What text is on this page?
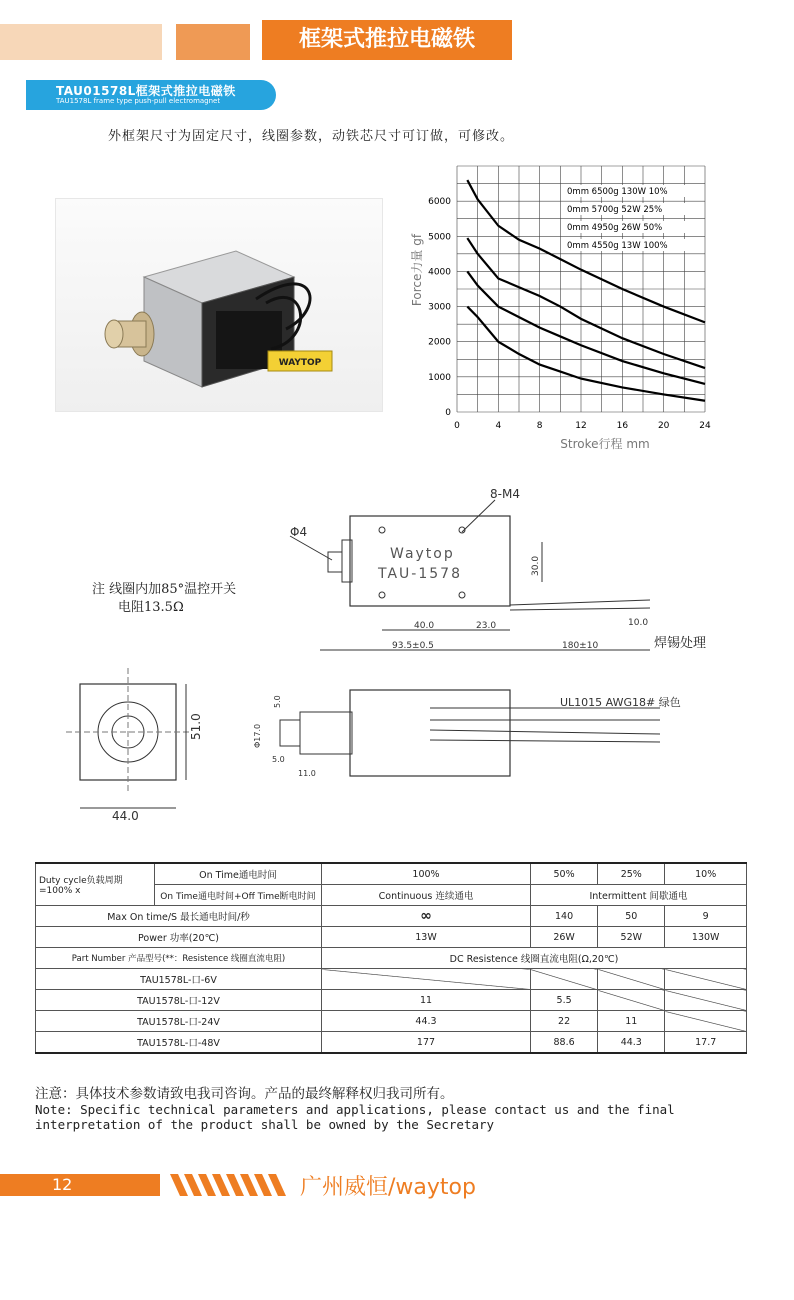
框架式推拉电磁铁
TAU01578L框架式推拉电磁铁
TAU1578L frame type push-pull electromagnet
外框架尺寸为固定尺寸，线圈参数，动铁芯尺寸可订做，可修改。
WAYTOP
0	4	8	12	16	20	24
0
1000
2000
3000
4000
5000
6000
0mm 6500g 130W 10%
0mm 5700g 52W 25%
0mm 4950g 26W 50%
0mm 4550g 13W 100%
Force力量 gf
Stroke行程 mm
Φ4
8-M4
Waytop
TAU-1578	30.0
40.0	23.0	10.0
93.5±0.5	180±10
注 线圈内加85°温控开关
电阻13.5Ω
焊锡处理
51.0
44.0
UL1015 AWG18# 绿色
5.0
Φ17.0
5.0
11.0
Duty cycle负载周期=100% x	On Time通电时间	100%	50%	25%	10%
	On Time通电时间+Off Time断电时间	Continuous 连续通电	Intermittent 间歇通电		
Max On time/S 最长通电时间/秒		∞	140	50	9
Power 功率(20℃)		13W	26W	52W	130W
Part Number 产品型号(**：Resistence 线圈直流电阻)		DC Resistence 线圈直流电阻(Ω,20℃)			
TAU1578L-口-6V					
TAU1578L-口-12V		11	5.5		
TAU1578L-口-24V		44.3	22	11	
TAU1578L-口-48V		177	88.6	44.3	17.7
注意：具体技术参数请致电我司咨询。产品的最终解释权归我司所有。
Note: Specific technical parameters and applications, please contact us and the final interpretation of the product shall be owned by the Secretary
12	广州威恒/waytop
